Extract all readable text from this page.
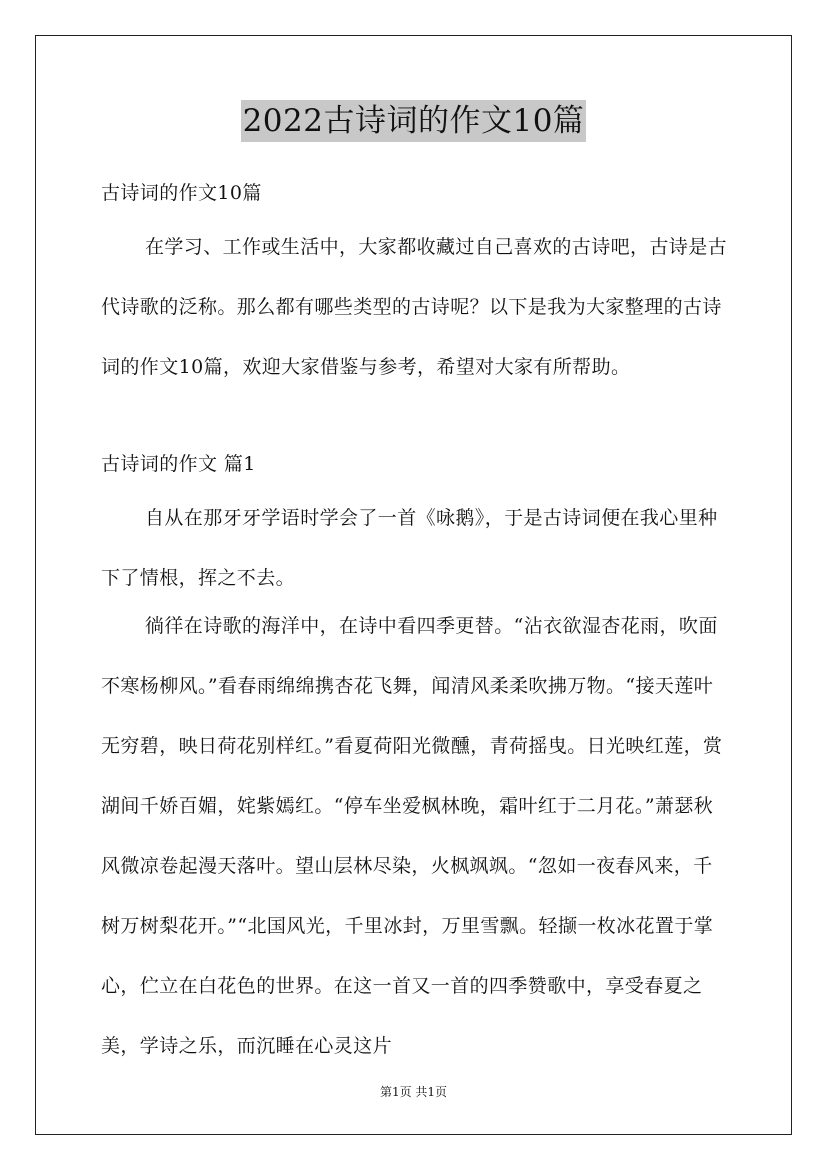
2022古诗词的作文10篇

古诗词的作文10篇

在学习、工作或生活中，大家都收藏过自己喜欢的古诗吧，古诗是古代诗歌的泛称。那么都有哪些类型的古诗呢？以下是我为大家整理的古诗词的作文10篇，欢迎大家借鉴与参考，希望对大家有所帮助。

古诗词的作文 篇1

自从在那牙牙学语时学会了一首《咏鹅》，于是古诗词便在我心里种下了情根，挥之不去。

徜徉在诗歌的海洋中，在诗中看四季更替。“沾衣欲湿杏花雨，吹面不寒杨柳风。”看春雨绵绵携杏花飞舞，闻清风柔柔吹拂万物。“接天莲叶无穷碧，映日荷花别样红。”看夏荷阳光微醺，青荷摇曳。日光映红莲，赏湖间千娇百媚，姹紫嫣红。“停车坐爱枫林晚，霜叶红于二月花。”萧瑟秋风微凉卷起漫天落叶。望山层林尽染，火枫飒飒。“忽如一夜春风来，千树万树梨花开。”“北国风光，千里冰封，万里雪飘。轻撷一枚冰花置于掌心，伫立在白花色的世界。在这一首又一首的四季赞歌中，享受春夏之美，学诗之乐，而沉睡在心灵这片

第1页 共1页
